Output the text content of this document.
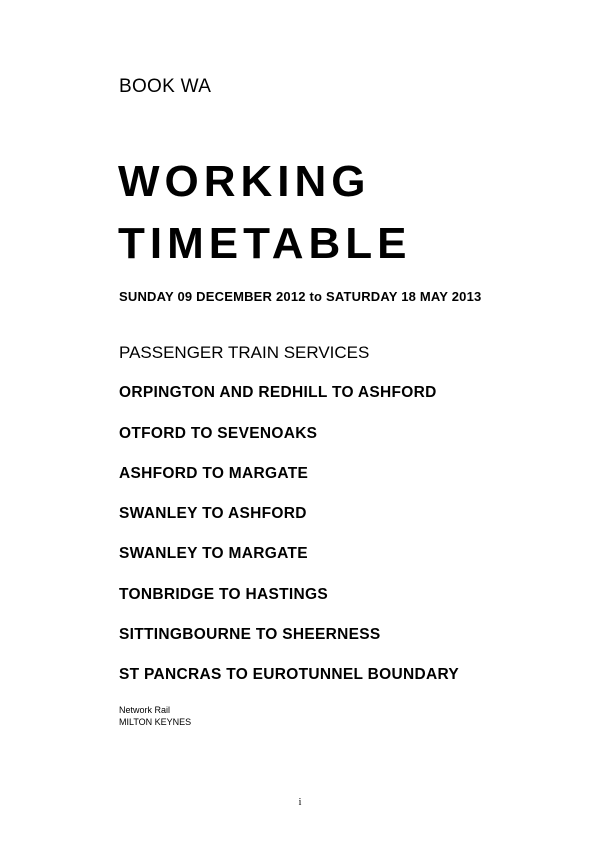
BOOK WA
WORKING
TIMETABLE
SUNDAY 09 DECEMBER 2012 to SATURDAY 18 MAY 2013
PASSENGER TRAIN SERVICES
ORPINGTON AND REDHILL TO ASHFORD
OTFORD TO SEVENOAKS
ASHFORD TO MARGATE
SWANLEY TO ASHFORD
SWANLEY TO MARGATE
TONBRIDGE TO HASTINGS
SITTINGBOURNE TO SHEERNESS
ST PANCRAS TO EUROTUNNEL BOUNDARY
Network Rail
MILTON KEYNES
i
